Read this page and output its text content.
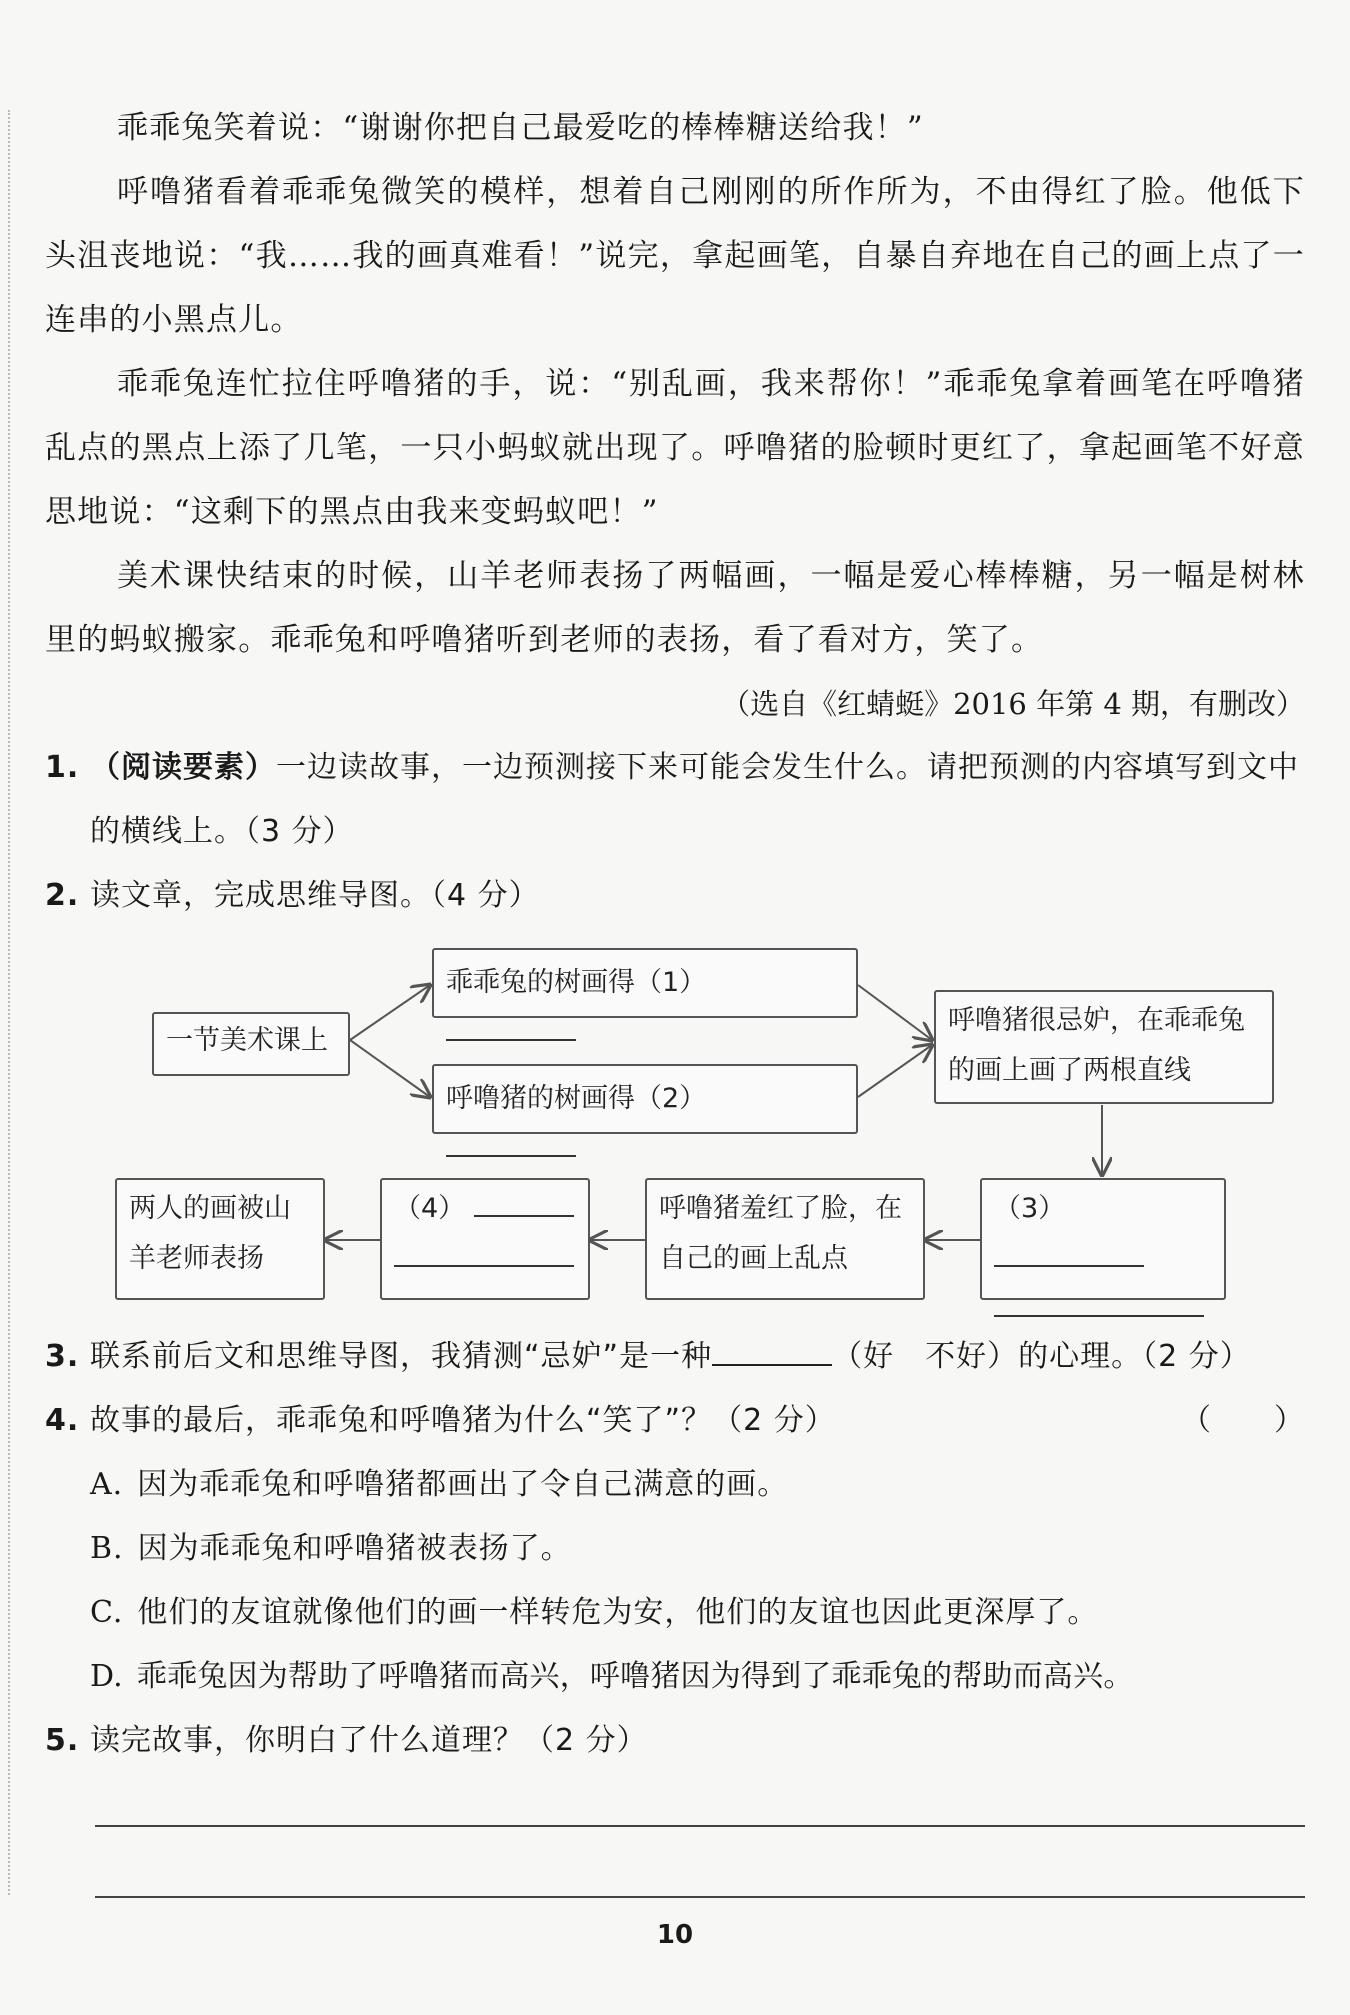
乖乖兔笑着说：“谢谢你把自己最爱吃的棒棒糖送给我！”

呼噜猪看着乖乖兔微笑的模样，想着自己刚刚的所作所为，不由得红了脸。他低下头沮丧地说：“我……我的画真难看！”说完，拿起画笔，自暴自弃地在自己的画上点了一连串的小黑点儿。

乖乖兔连忙拉住呼噜猪的手，说：“别乱画，我来帮你！”乖乖兔拿着画笔在呼噜猪乱点的黑点上添了几笔，一只小蚂蚁就出现了。呼噜猪的脸顿时更红了，拿起画笔不好意思地说：“这剩下的黑点由我来变蚂蚁吧！”

美术课快结束的时候，山羊老师表扬了两幅画，一幅是爱心棒棒糖，另一幅是树林里的蚂蚁搬家。乖乖兔和呼噜猪听到老师的表扬，看了看对方，笑了。

（选自《红蜻蜓》2016 年第 4 期，有删改）

1. （阅读要素）一边读故事，一边预测接下来可能会发生什么。请把预测的内容填写到文中的横线上。（3 分）

2. 读文章，完成思维导图。（4 分）

一节美术课上
乖乖兔的树画得（1）
呼噜猪的树画得（2）
呼噜猪很忌妒，在乖乖兔
的画上画了两根直线
（3）
呼噜猪羞红了脸，在
自己的画上乱点
（4）
两人的画被山
羊老师表扬

3. 联系前后文和思维导图，我猜测“忌妒”是一种	（好　不好）的心理。（2 分）

4. 故事的最后，乖乖兔和呼噜猪为什么“笑了”？（2 分）	（　　）

A. 因为乖乖兔和呼噜猪都画出了令自己满意的画。

B. 因为乖乖兔和呼噜猪被表扬了。

C. 他们的友谊就像他们的画一样转危为安，他们的友谊也因此更深厚了。

D. 乖乖兔因为帮助了呼噜猪而高兴，呼噜猪因为得到了乖乖兔的帮助而高兴。

5. 读完故事，你明白了什么道理？（2 分）

10
